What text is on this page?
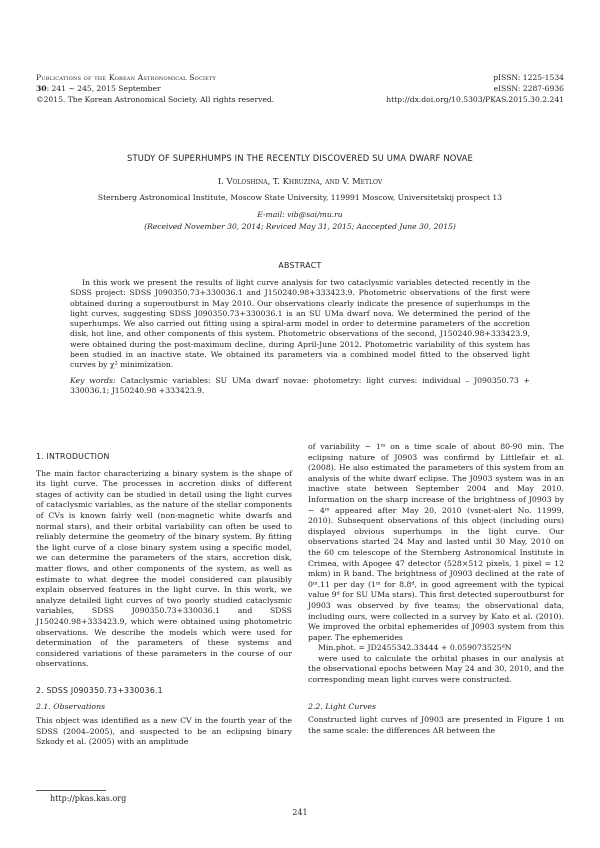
Publications of the Korean Astronomical Society
30: 241 ∼ 245, 2015 September
©2015. The Korean Astronomical Society. All rights reserved.
pISSN: 1225-1534
eISSN: 2287-6936
http://dx.doi.org/10.5303/PKAS.2015.30.2.241
STUDY OF SUPERHUMPS IN THE RECENTLY DISCOVERED SU UMA DWARF NOVAE
I. Voloshina, T. Khruzina, and V. Metlov
Sternberg Astronomical Institute, Moscow State University, 119991 Moscow, Universitetskij prospect 13
E-mail: vib@sai/mu.ru
(Received November 30, 2014; Reviced May 31, 2015; Aaccepted June 30, 2015)
ABSTRACT

In this work we present the results of light curve analysis for two cataclysmic variables detected recently in the SDSS project: SDSS J090350.73+330036.1 and J150240.98+333423.9. Photometric observations of the first were obtained during a superoutburst in May 2010. Our observations clearly indicate the presence of superhumps in the light curves, suggesting SDSS J090350.73+330036.1 is an SU UMa dwarf nova. We determined the period of the superhumps. We also carried out fitting using a spiral-arm model in order to determine parameters of the accretion disk, hot line, and other components of this system. Photometric observations of the second, J150240.98+333423.9, were obtained during the post-maximum decline, during April-June 2012. Photometric variability of this system has been studied in an inactive state. We obtained its parameters via a combined model fitted to the observed light curves by χ² minimization.

Key words: Cataclysmic variables: SU UMa dwarf novae: photometry: light curves: individual – J090350.73 + 330036.1; J150240.98 +333423.9.

1. INTRODUCTION

The main factor characterizing a binary system is the shape of its light curve. The processes in accretion disks of different stages of activity can be studied in detail using the light curves of cataclysmic variables, as the nature of the stellar components of CVs is known fairly well (non-magnetic white dwarfs and normal stars), and their orbital variability can often be used to reliably determine the geometry of the binary system. By fitting the light curve of a close binary system using a specific model, we can determine the parameters of the stars, accretion disk, matter flows, and other components of the system, as well as estimate to what degree the model considered can plausibly explain observed features in the light curve. In this work, we analyze detailed light curves of two poorly studied cataclysmic variables, SDSS J090350.73+330036.1 and SDSS J150240.98+333423.9, which were obtained using photometric observations. We describe the models which were used for determination of the parameters of these systems and considered variations of these parameters in the course of our observations.

2. SDSS J090350.73+330036.1
2.1. Observations

This object was identified as a new CV in the fourth year of the SDSS (2004–2005), and suspected to be an eclipsing binary Szkody et al. (2005) with an amplitude

of variability ∼ 1ᵐ on a time scale of about 80-90 min. The eclipsing nature of J0903 was confirmd by Littlefair et al. (2008). He also estimated the parameters of this system from an analysis of the white dwarf eclipse. The J0903 system was in an inactive state between September 2004 and May 2010. Information on the sharp increase of the brightness of J0903 by ∼ 4ᵐ appeared after May 20, 2010 (vsnet-alert No. 11999, 2010). Subsequent observations of this object (including ours) displayed obvious superhumps in the light curve. Our observations started 24 May and lasted until 30 May, 2010 on the 60 cm telescope of the Sternberg Astronomical Institute in Crimea, with Apogee 47 detector (528×512 pixels, 1 pixel = 12 mkm) in R band. The brightness of J0903 declined at the rate of 0ᵐ.11 per day (1ᵐ for 8.8ᵈ, in good agreement with the typical value 9ᵈ for SU UMa stars). This first detected superoutburst for J0903 was observed by five teams; the observational data, including ours, were collected in a survey by Kato et al. (2010). We improved the orbital ephemerides of J0903 system from this paper. The ephemerides

Min.phot. = JD2455342.33444 + 0.059073525ᵈN

were used to calculate the orbital phases in our analysis at the observational epochs between May 24 and 30, 2010, and the corresponding mean light curves were constructed.

2.2. Light Curves

Constructed light curves of J0903 are presented in Figure 1 on the same scale: the differences ΔR between the

http://pkas.kas.org
241
